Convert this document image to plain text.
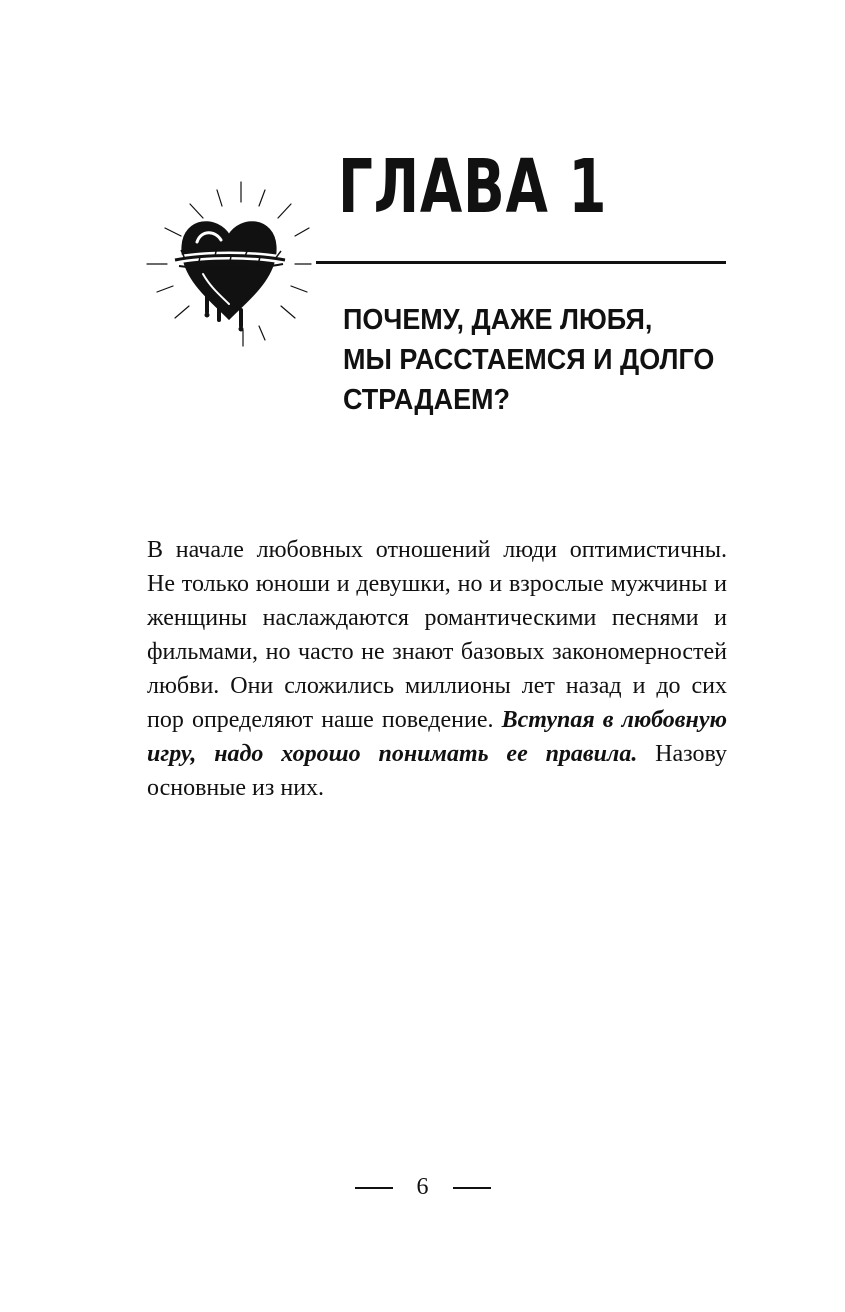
ГЛАВА 1
ПОЧЕМУ, ДАЖЕ ЛЮБЯ,
МЫ РАССТАЕМСЯ И ДОЛГО
СТРАДАЕМ?

В начале любовных отношений люди оптимистичны. Не только юноши и девушки, но и взрослые мужчины и женщины наслаждаются романтическими песнями и фильмами, но часто не знают базовых закономерностей любви. Они сложились миллионы лет назад и до сих пор определяют наше поведение. Вступая в любовную игру, надо хорошо понимать ее правила. Назову основные из них.

6
